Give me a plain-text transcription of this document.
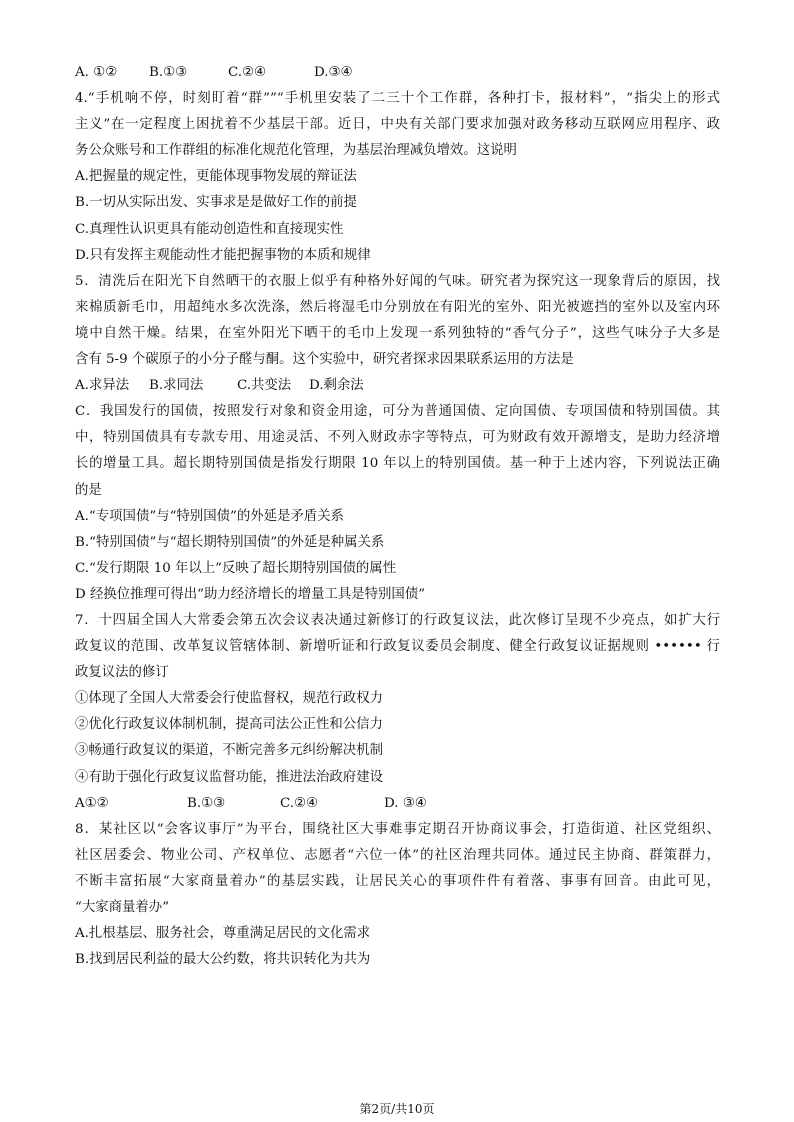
A. ①②	B.①③	C.②④	D.③④
4.“手机响不停，时刻盯着“群””“手机里安装了二三十个工作群，各种打卡，报材料”，“指尖上的形式
主义”在一定程度上困扰着不少基层干部。近日，中央有关部门要求加强对政务移动互联网应用程序、政
务公众账号和工作群组的标准化规范化管理，为基层治理减负增效。这说明
A.把握量的规定性，更能体现事物发展的辩证法
B.一切从实际出发、实事求是是做好工作的前提
C.真理性认识更具有能动创造性和直接现实性
D.只有发挥主观能动性才能把握事物的本质和规律
5．清洗后在阳光下自然晒干的衣服上似乎有种格外好闻的气味。研究者为探究这一现象背后的原因，找
来棉质新毛巾，用超纯水多次洗涤，然后将湿毛巾分别放在有阳光的室外、阳光被遮挡的室外以及室内环
境中自然干燥。结果，在室外阳光下晒干的毛巾上发现一系列独特的“香气分子”，这些气味分子大多是
含有 5-9 个碳原子的小分子醛与酮。这个实验中，研究者探求因果联系运用的方法是
A.求异法	B.求同法	C.共变法	D.剩余法
C．我国发行的国债，按照发行对象和资金用途，可分为普通国债、定向国债、专项国债和特别国债。其
中，特别国债具有专款专用、用途灵活、不列入财政赤字等特点，可为财政有效开源增支，是助力经济增
长的增量工具。超长期特别国债是指发行期限 10 年以上的特别国债。基一种于上述内容，下列说法正确
的是
A.“专项国债”与“特别国债”的外延是矛盾关系
B.“特别国债”与“超长期特别国债”的外延是种属关系
C.“发行期限 10 年以上”反映了超长期特别国债的属性
D 经换位推理可得出“助力经济增长的增量工具是特别国债”
7．十四届全国人大常委会第五次会议表决通过新修订的行政复议法，此次修订呈现不少亮点，如扩大行
政复议的范围、改革复议管辖体制、新增听证和行政复议委员会制度、健全行政复议证据规则 •••••• 行
政复议法的修订
①体现了全国人大常委会行使监督权，规范行政权力
②优化行政复议体制机制，提高司法公正性和公信力
③畅通行政复议的渠道，不断完善多元纠纷解决机制
④有助于强化行政复议监督功能，推进法治政府建设
A①②	B.①③	C.②④	D. ③④
8．某社区以“会客议事厅”为平台，围绕社区大事难事定期召开协商议事会，打造街道、社区党组织、
社区居委会、物业公司、产权单位、志愿者“六位一体”的社区治理共同体。通过民主协商、群策群力，
不断丰富拓展“大家商量着办”的基层实践，让居民关心的事项件件有着落、事事有回音。由此可见，
“大家商量着办”
A.扎根基层、服务社会，尊重满足居民的文化需求
B.找到居民利益的最大公约数，将共识转化为共为
第2页/共10页
